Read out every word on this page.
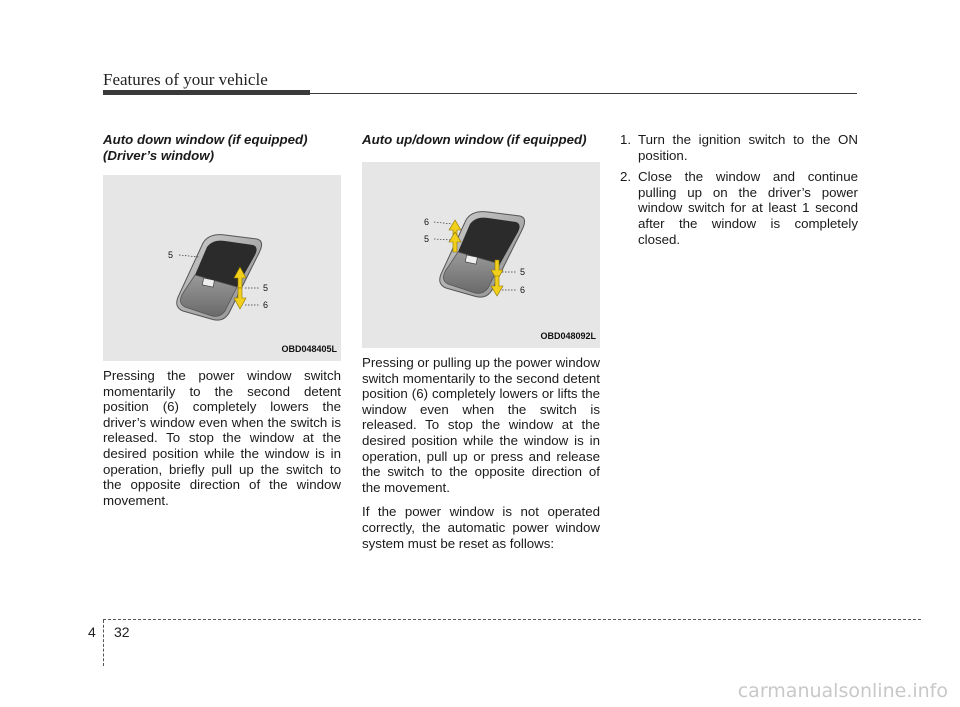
Features of your vehicle
Auto down window (if equipped)
(Driver’s window)
5
5
6
OBD048405L

Pressing the power window switch momentarily to the second detent position (6) completely lowers the driver’s window even when the switch is released. To stop the window at the desired position while the window is in operation, briefly pull up the switch to the opposite direction of the window movement.

Auto up/down window (if equipped)
6
5
5
6
OBD048092L

Pressing or pulling up the power window switch momentarily to the second detent position (6) completely lowers or lifts the window even when the switch is released. To stop the window at the desired position while the window is in operation, pull up or press and release the switch to the opposite direction of the movement.

If the power window is not operated correctly, the automatic power window system must be reset as follows:

1. Turn the ignition switch to the ON position.
2. Close the window and continue pulling up on the driver’s power window switch for at least 1 second after the window is completely closed.
4 32
carmanualsonline.info
